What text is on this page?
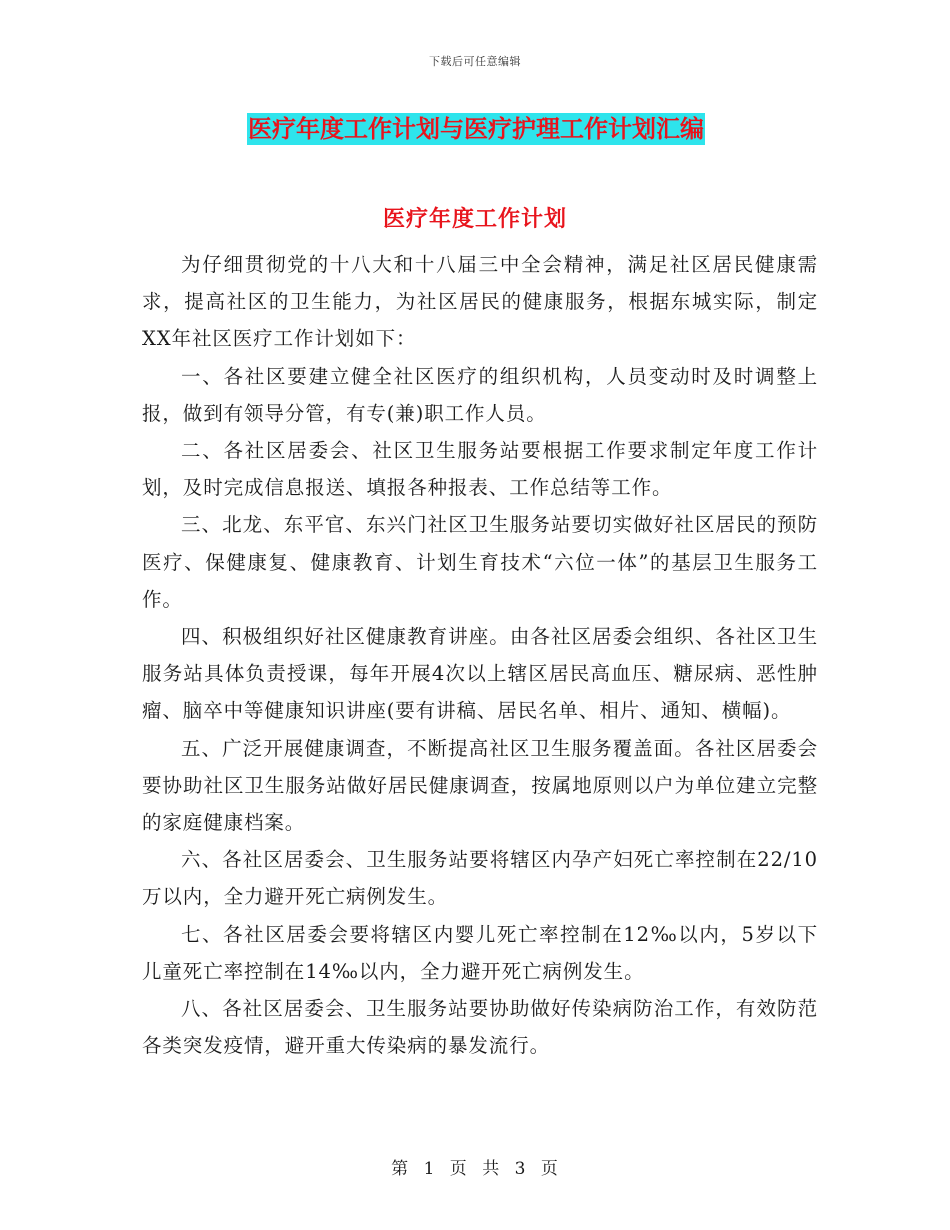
下载后可任意编辑
医疗年度工作计划与医疗护理工作计划汇编
医疗年度工作计划

为仔细贯彻党的十八大和十八届三中全会精神，满足社区居民健康需求，提高社区的卫生能力，为社区居民的健康服务，根据东城实际，制定XX年社区医疗工作计划如下：

一、各社区要建立健全社区医疗的组织机构，人员变动时及时调整上报，做到有领导分管，有专(兼)职工作人员。

二、各社区居委会、社区卫生服务站要根据工作要求制定年度工作计划，及时完成信息报送、填报各种报表、工作总结等工作。

三、北龙、东平官、东兴门社区卫生服务站要切实做好社区居民的预防医疗、保健康复、健康教育、计划生育技术“六位一体”的基层卫生服务工作。

四、积极组织好社区健康教育讲座。由各社区居委会组织、各社区卫生服务站具体负责授课，每年开展4次以上辖区居民高血压、糖尿病、恶性肿瘤、脑卒中等健康知识讲座(要有讲稿、居民名单、相片、通知、横幅)。

五、广泛开展健康调查，不断提高社区卫生服务覆盖面。各社区居委会要协助社区卫生服务站做好居民健康调查，按属地原则以户为单位建立完整的家庭健康档案。

六、各社区居委会、卫生服务站要将辖区内孕产妇死亡率控制在22/10万以内，全力避开死亡病例发生。

七、各社区居委会要将辖区内婴儿死亡率控制在12‰以内，5岁以下儿童死亡率控制在14‰以内，全力避开死亡病例发生。

八、各社区居委会、卫生服务站要协助做好传染病防治工作，有效防范各类突发疫情，避开重大传染病的暴发流行。

第 1 页 共 3 页
